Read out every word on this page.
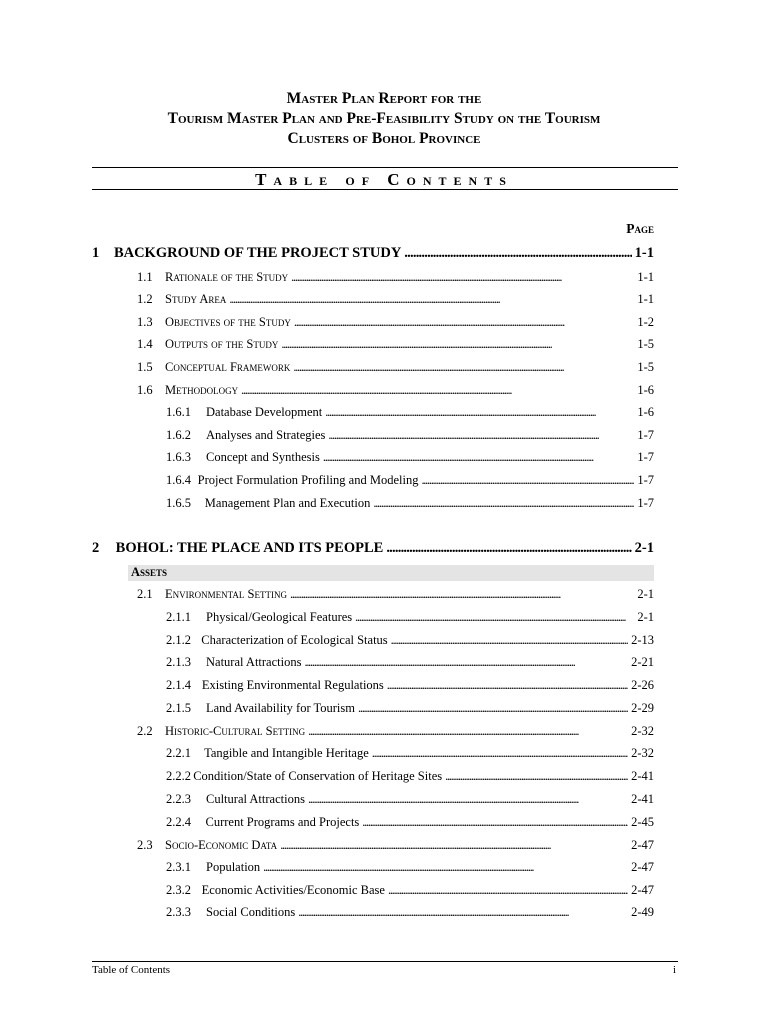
Master Plan Report for the
Tourism Master Plan and Pre-Feasibility Study on the Tourism
Clusters of Bohol Province
Table of Contents
Page
1	BACKGROUND OF THE PROJECT STUDY . . .	1-1
1.1 Rationale of the Study . . .	1-1
1.2 Study Area . . .	1-1
1.3 Objectives of the Study . . .	1-2
1.4 Outputs of the Study . . .	1-5
1.5 Conceptual Framework . . .	1-5
1.6 Methodology . . .	1-6
1.6.1	Database Development . . .	1-6
1.6.2	Analyses and Strategies . . .	1-7
1.6.3	Concept and Synthesis . . .	1-7
1.6.4 Project Formulation Profiling and Modeling . . .	1-7
1.6.5	Management Plan and Execution . . .	1-7
2	BOHOL: THE PLACE AND ITS PEOPLE . . .	2-1
Assets
2.1 Environmental Setting . . .	2-1
2.1.1	Physical/Geological Features . . .	2-1
2.1.2 Characterization of Ecological Status . . .	2-13
2.1.3	Natural Attractions . . .	2-21
2.1.4 Existing Environmental Regulations . . .	2-26
2.1.5	Land Availability for Tourism . . .	2-29
2.2 Historic-Cultural Setting . . .	2-32
2.2.1	Tangible and Intangible Heritage . . .	2-32
2.2.2 Condition/State of Conservation of Heritage Sites . . .	2-41
2.2.3	Cultural Attractions . . .	2-41
2.2.4	Current Programs and Projects . . .	2-45
2.3 Socio-Economic Data . . .	2-47
2.3.1	Population . . .	2-47
2.3.2 Economic Activities/Economic Base . . .	2-47
2.3.3	Social Conditions . . .	2-49
Table of Contents	i
